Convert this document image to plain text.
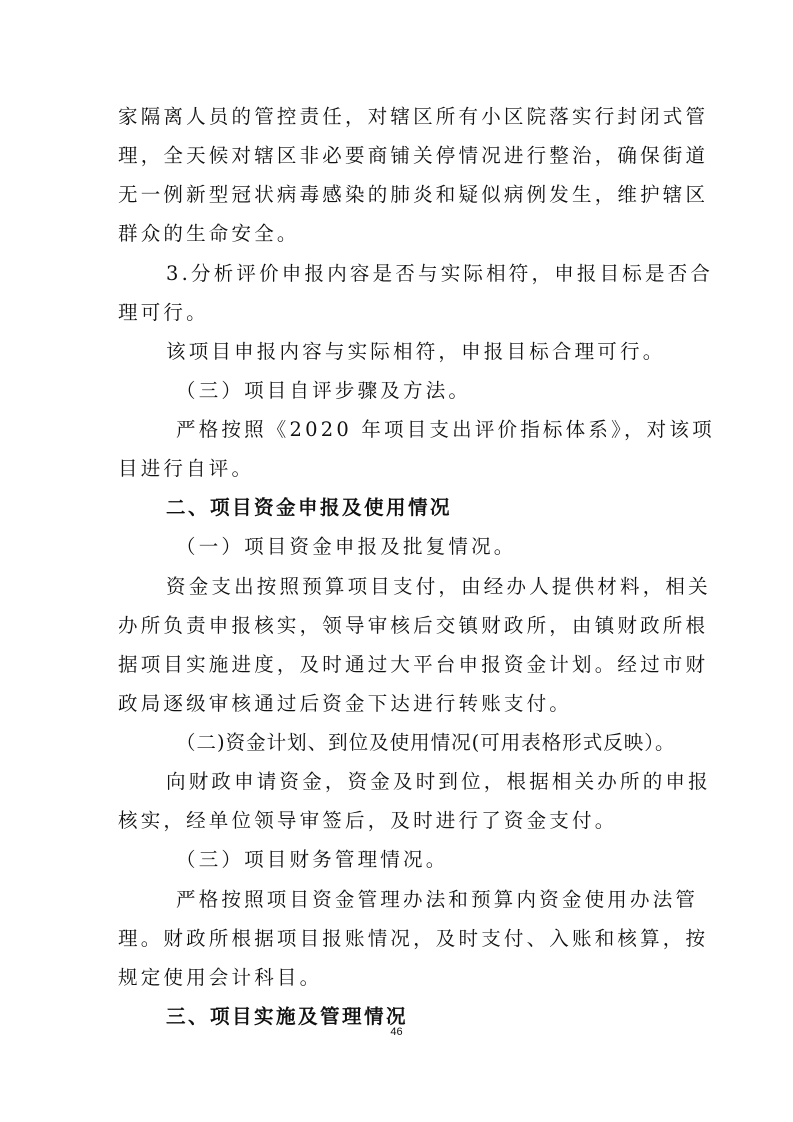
家隔离人员的管控责任，对辖区所有小区院落实行封闭式管
理，全天候对辖区非必要商铺关停情况进行整治，确保街道
无一例新型冠状病毒感染的肺炎和疑似病例发生，维护辖区
群众的生命安全。
3.分析评价申报内容是否与实际相符，申报目标是否合
理可行。
该项目申报内容与实际相符，申报目标合理可行。
（三）项目自评步骤及方法。
严格按照《2020 年项目支出评价指标体系》，对该项
目进行自评。
二、项目资金申报及使用情况
（一）项目资金申报及批复情况。
资金支出按照预算项目支付，由经办人提供材料，相关
办所负责申报核实，领导审核后交镇财政所，由镇财政所根
据项目实施进度，及时通过大平台申报资金计划。经过市财
政局逐级审核通过后资金下达进行转账支付。
（二)资金计划、到位及使用情况(可用表格形式反映）。
向财政申请资金，资金及时到位，根据相关办所的申报
核实，经单位领导审签后，及时进行了资金支付。
（三）项目财务管理情况。
严格按照项目资金管理办法和预算内资金使用办法管
理。财政所根据项目报账情况，及时支付、入账和核算，按
规定使用会计科目。
三、项目实施及管理情况
46
